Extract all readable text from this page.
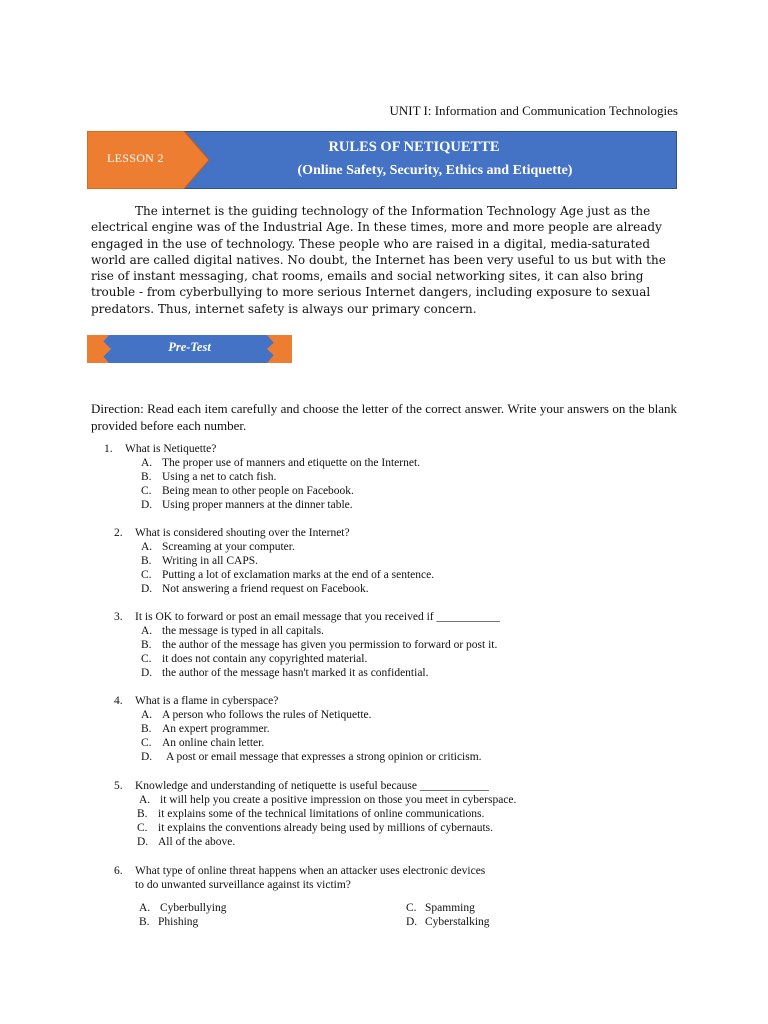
UNIT I: Information and Communication Technologies
LESSON 2
RULES OF NETIQUETTE
(Online Safety, Security, Ethics and Etiquette)

The internet is the guiding technology of the Information Technology Age just as the electrical engine was of the Industrial Age. In these times, more and more people are already engaged in the use of technology. These people who are raised in a digital, media-saturated world are called digital natives. No doubt, the Internet has been very useful to us but with the rise of instant messaging, chat rooms, emails and social networking sites, it can also bring trouble - from cyberbullying to more serious Internet dangers, including exposure to sexual predators. Thus, internet safety is always our primary concern.

Pre-Test

Direction: Read each item carefully and choose the letter of the correct answer. Write your answers on the blank provided before each number.

1. What is Netiquette?
A. The proper use of manners and etiquette on the Internet.
B. Using a net to catch fish.
C. Being mean to other people on Facebook.
D. Using proper manners at the dinner table.
2. What is considered shouting over the Internet?
A. Screaming at your computer.
B. Writing in all CAPS.
C. Putting a lot of exclamation marks at the end of a sentence.
D. Not answering a friend request on Facebook.
3. It is OK to forward or post an email message that you received if ___________
A. the message is typed in all capitals.
B. the author of the message has given you permission to forward or post it.
C. it does not contain any copyrighted material.
D. the author of the message hasn't marked it as confidential.
4. What is a flame in cyberspace?
A. A person who follows the rules of Netiquette.
B. An expert programmer.
C. An online chain letter.
D. A post or email message that expresses a strong opinion or criticism.
5. Knowledge and understanding of netiquette is useful because ____________
A. it will help you create a positive impression on those you meet in cyberspace.
B. it explains some of the technical limitations of online communications.
C. it explains the conventions already being used by millions of cybernauts.
D. All of the above.
6. What type of online threat happens when an attacker uses electronic devices
to do unwanted surveillance against its victim?
A. Cyberbullying
B. Phishing
C. Spamming
D. Cyberstalking
